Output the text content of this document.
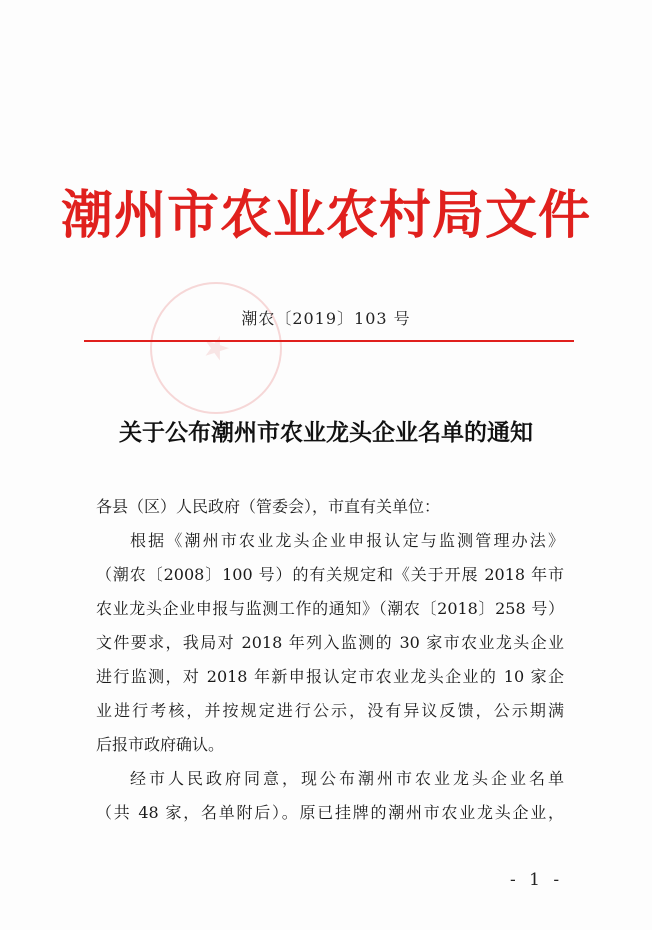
潮州市农业农村局文件
潮农〔2019〕103 号
关于公布潮州市农业龙头企业名单的通知
各县（区）人民政府（管委会），市直有关单位：
根据《潮州市农业龙头企业申报认定与监测管理办法》
（潮农〔2008〕100 号）的有关规定和《关于开展 2018 年市
农业龙头企业申报与监测工作的通知》（潮农〔2018〕258 号）
文件要求，我局对 2018 年列入监测的 30 家市农业龙头企业
进行监测，对 2018 年新申报认定市农业龙头企业的 10 家企
业进行考核，并按规定进行公示，没有异议反馈，公示期满
后报市政府确认。
经市人民政府同意，现公布潮州市农业龙头企业名单
（共 48 家，名单附后）。原已挂牌的潮州市农业龙头企业，
- 1 -
